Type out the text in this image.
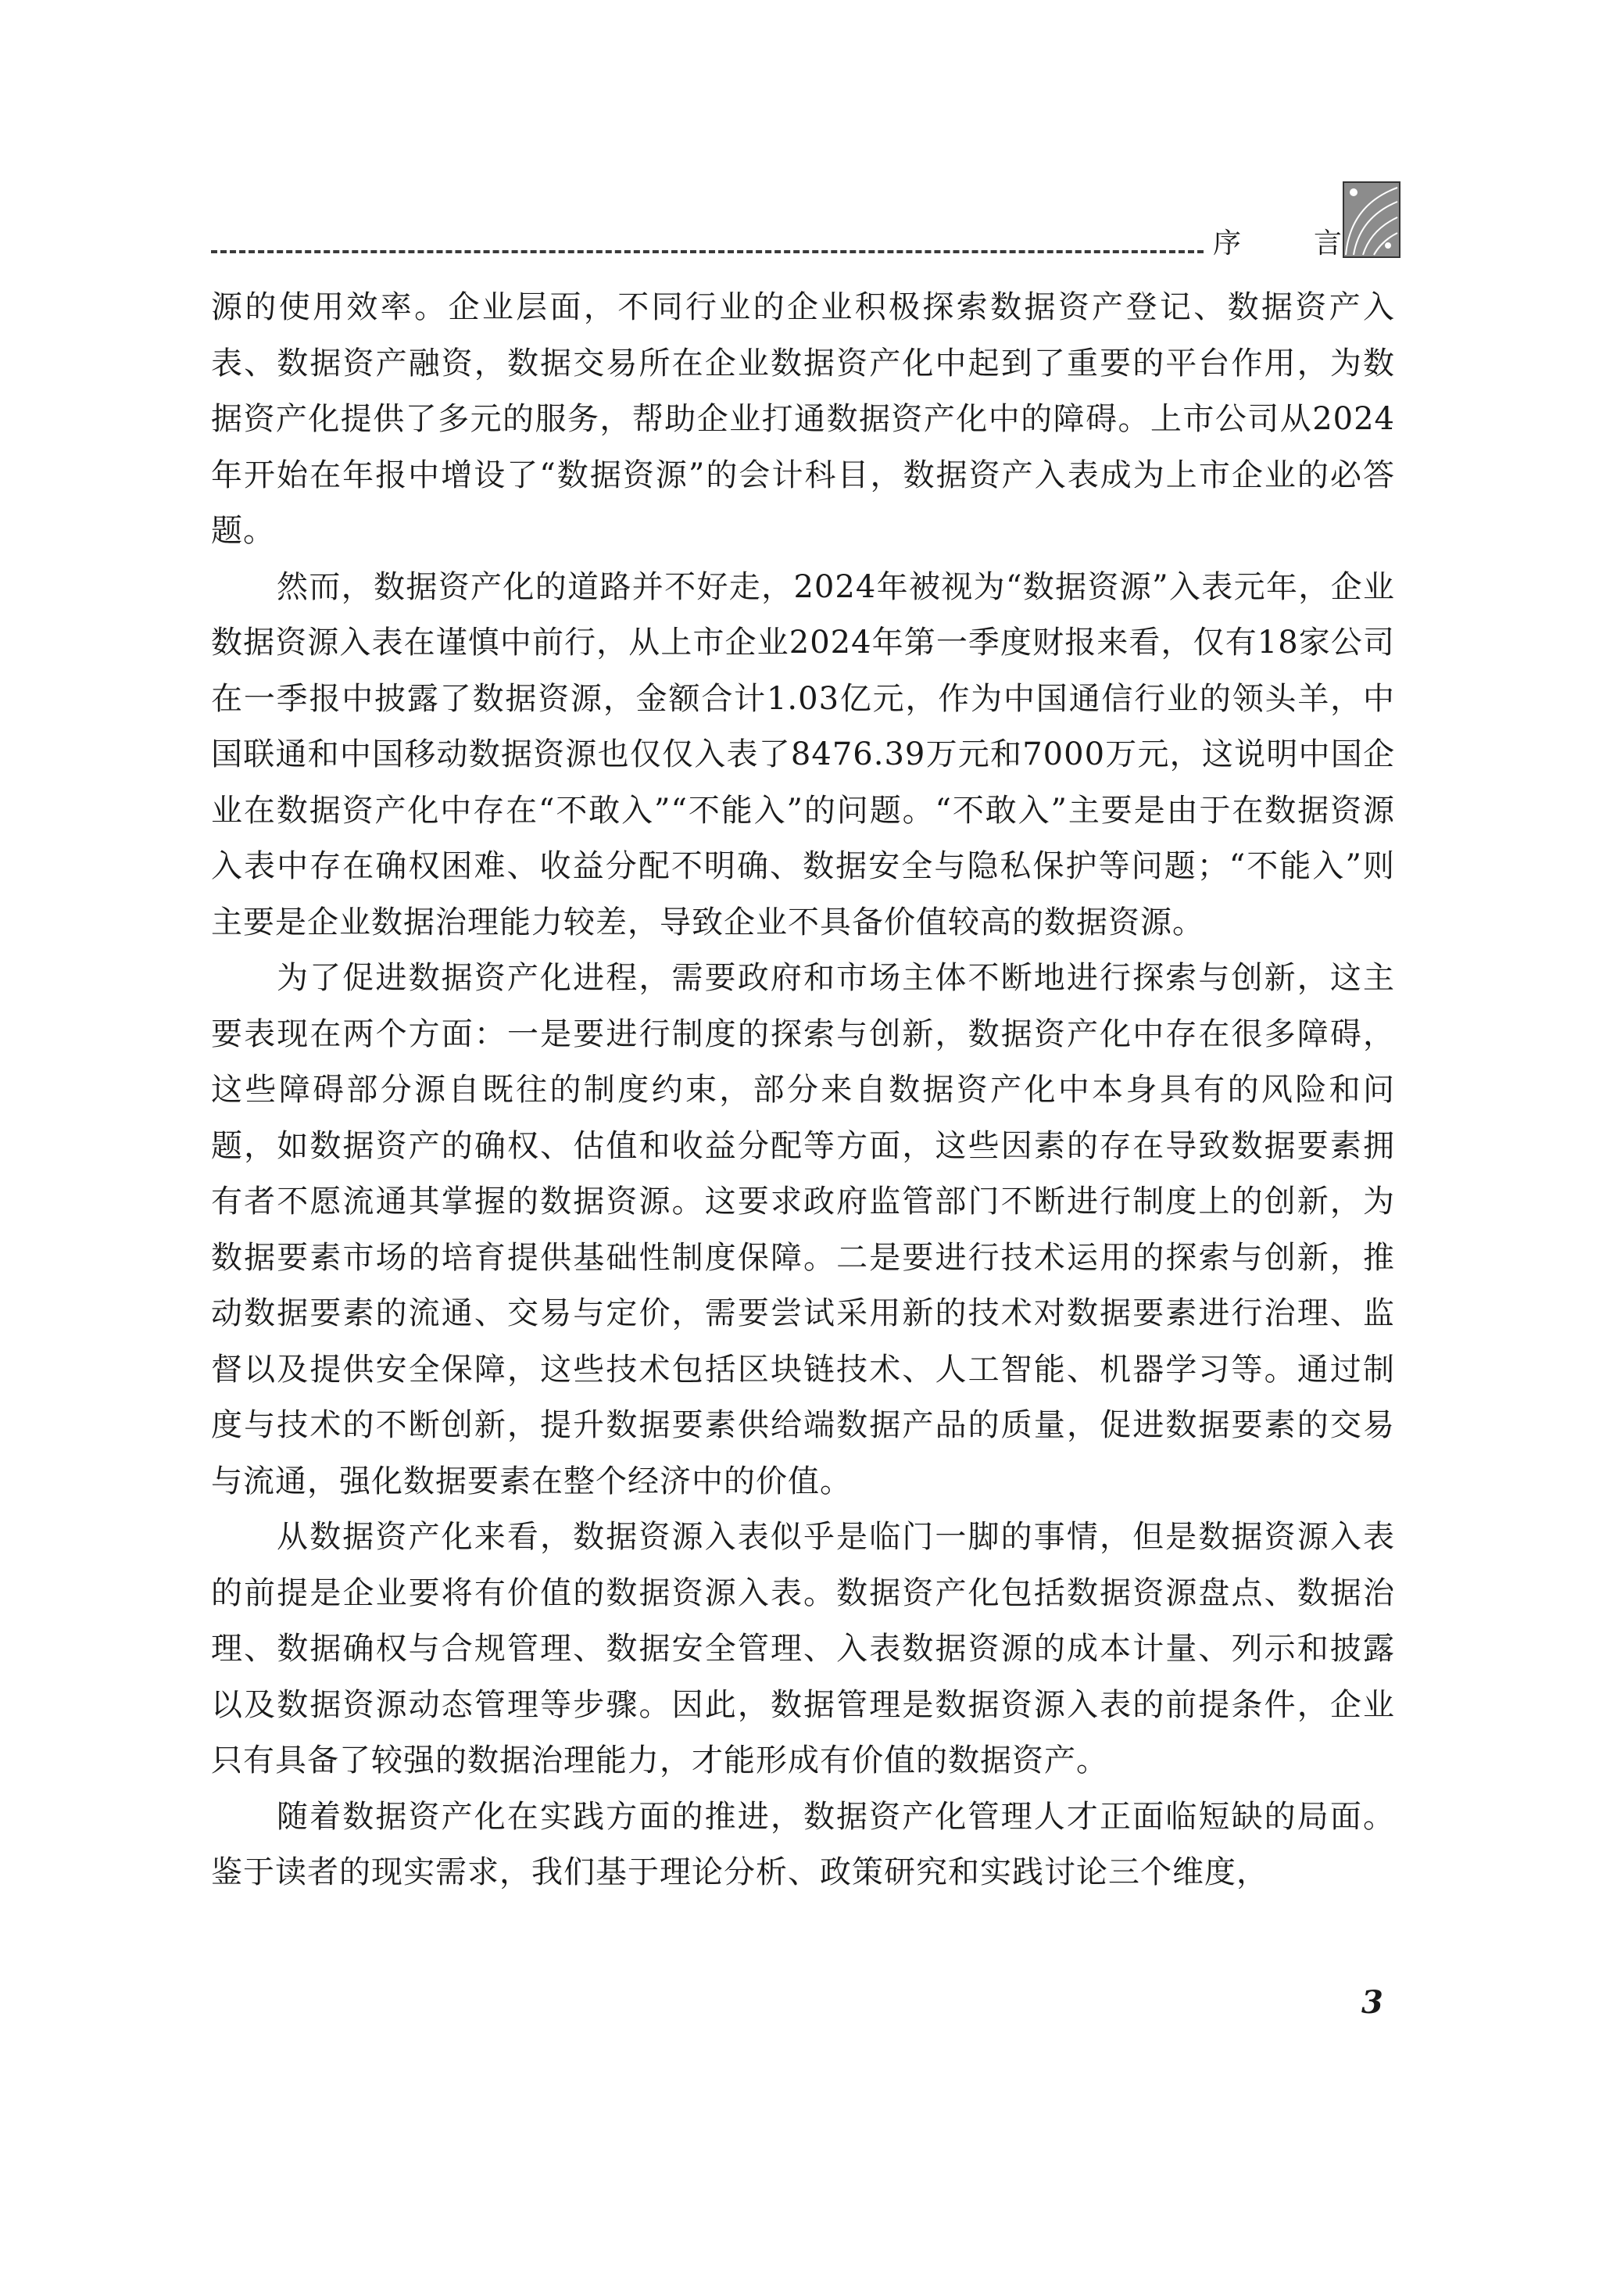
序	言

源的使用效率。企业层面，不同行业的企业积极探索数据资产登记、数据资产入表、数据资产融资，数据交易所在企业数据资产化中起到了重要的平台作用，为数据资产化提供了多元的服务，帮助企业打通数据资产化中的障碍。上市公司从2024年开始在年报中增设了“数据资源”的会计科目，数据资产入表成为上市企业的必答题。

然而，数据资产化的道路并不好走，2024年被视为“数据资源”入表元年，企业数据资源入表在谨慎中前行，从上市企业2024年第一季度财报来看，仅有18家公司在一季报中披露了数据资源，金额合计1.03亿元，作为中国通信行业的领头羊，中国联通和中国移动数据资源也仅仅入表了8476.39万元和7000万元，这说明中国企业在数据资产化中存在“不敢入”“不能入”的问题。“不敢入”主要是由于在数据资源入表中存在确权困难、收益分配不明确、数据安全与隐私保护等问题；“不能入”则主要是企业数据治理能力较差，导致企业不具备价值较高的数据资源。

为了促进数据资产化进程，需要政府和市场主体不断地进行探索与创新，这主要表现在两个方面：一是要进行制度的探索与创新，数据资产化中存在很多障碍，这些障碍部分源自既往的制度约束，部分来自数据资产化中本身具有的风险和问题，如数据资产的确权、估值和收益分配等方面，这些因素的存在导致数据要素拥有者不愿流通其掌握的数据资源。这要求政府监管部门不断进行制度上的创新，为数据要素市场的培育提供基础性制度保障。二是要进行技术运用的探索与创新，推动数据要素的流通、交易与定价，需要尝试采用新的技术对数据要素进行治理、监督以及提供安全保障，这些技术包括区块链技术、人工智能、机器学习等。通过制度与技术的不断创新，提升数据要素供给端数据产品的质量，促进数据要素的交易与流通，强化数据要素在整个经济中的价值。

从数据资产化来看，数据资源入表似乎是临门一脚的事情，但是数据资源入表的前提是企业要将有价值的数据资源入表。数据资产化包括数据资源盘点、数据治理、数据确权与合规管理、数据安全管理、入表数据资源的成本计量、列示和披露以及数据资源动态管理等步骤。因此，数据管理是数据资源入表的前提条件，企业只有具备了较强的数据治理能力，才能形成有价值的数据资产。

随着数据资产化在实践方面的推进，数据资产化管理人才正面临短缺的局面。鉴于读者的现实需求，我们基于理论分析、政策研究和实践讨论三个维度，

3
